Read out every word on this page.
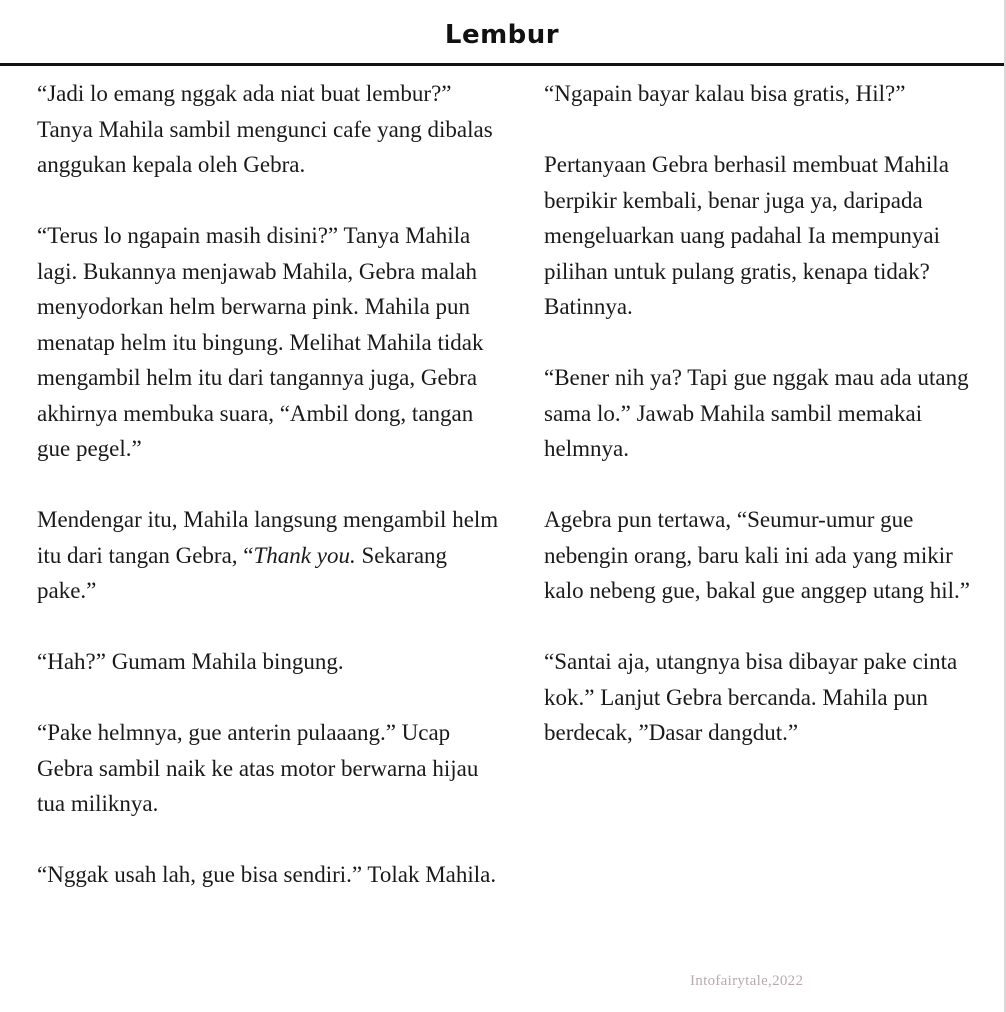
Lembur

“Jadi lo emang nggak ada niat buat lembur?” Tanya Mahila sambil mengunci cafe yang dibalas anggukan kepala oleh Gebra.

“Terus lo ngapain masih disini?” Tanya Mahila lagi. Bukannya menjawab Mahila, Gebra malah menyodorkan helm berwarna pink. Mahila pun menatap helm itu bingung. Melihat Mahila tidak mengambil helm itu dari tangannya juga, Gebra akhirnya membuka suara, “Ambil dong, tangan gue pegel.”

Mendengar itu, Mahila langsung mengambil helm itu dari tangan Gebra, “Thank you. Sekarang pake.”

“Hah?” Gumam Mahila bingung.

“Pake helmnya, gue anterin pulaaang.” Ucap Gebra sambil naik ke atas motor berwarna hijau tua miliknya.

“Nggak usah lah, gue bisa sendiri.” Tolak Mahila.

“Ngapain bayar kalau bisa gratis, Hil?”

Pertanyaan Gebra berhasil membuat Mahila berpikir kembali, benar juga ya, daripada mengeluarkan uang padahal Ia mempunyai pilihan untuk pulang gratis, kenapa tidak? Batinnya.

“Bener nih ya? Tapi gue nggak mau ada utang sama lo.” Jawab Mahila sambil memakai helmnya.

Agebra pun tertawa, “Seumur-umur gue nebengin orang, baru kali ini ada yang mikir kalo nebeng gue, bakal gue anggep utang hil.”

“Santai aja, utangnya bisa dibayar pake cinta kok.” Lanjut Gebra bercanda. Mahila pun berdecak, ”Dasar dangdut.”

Intofairytale,2022
